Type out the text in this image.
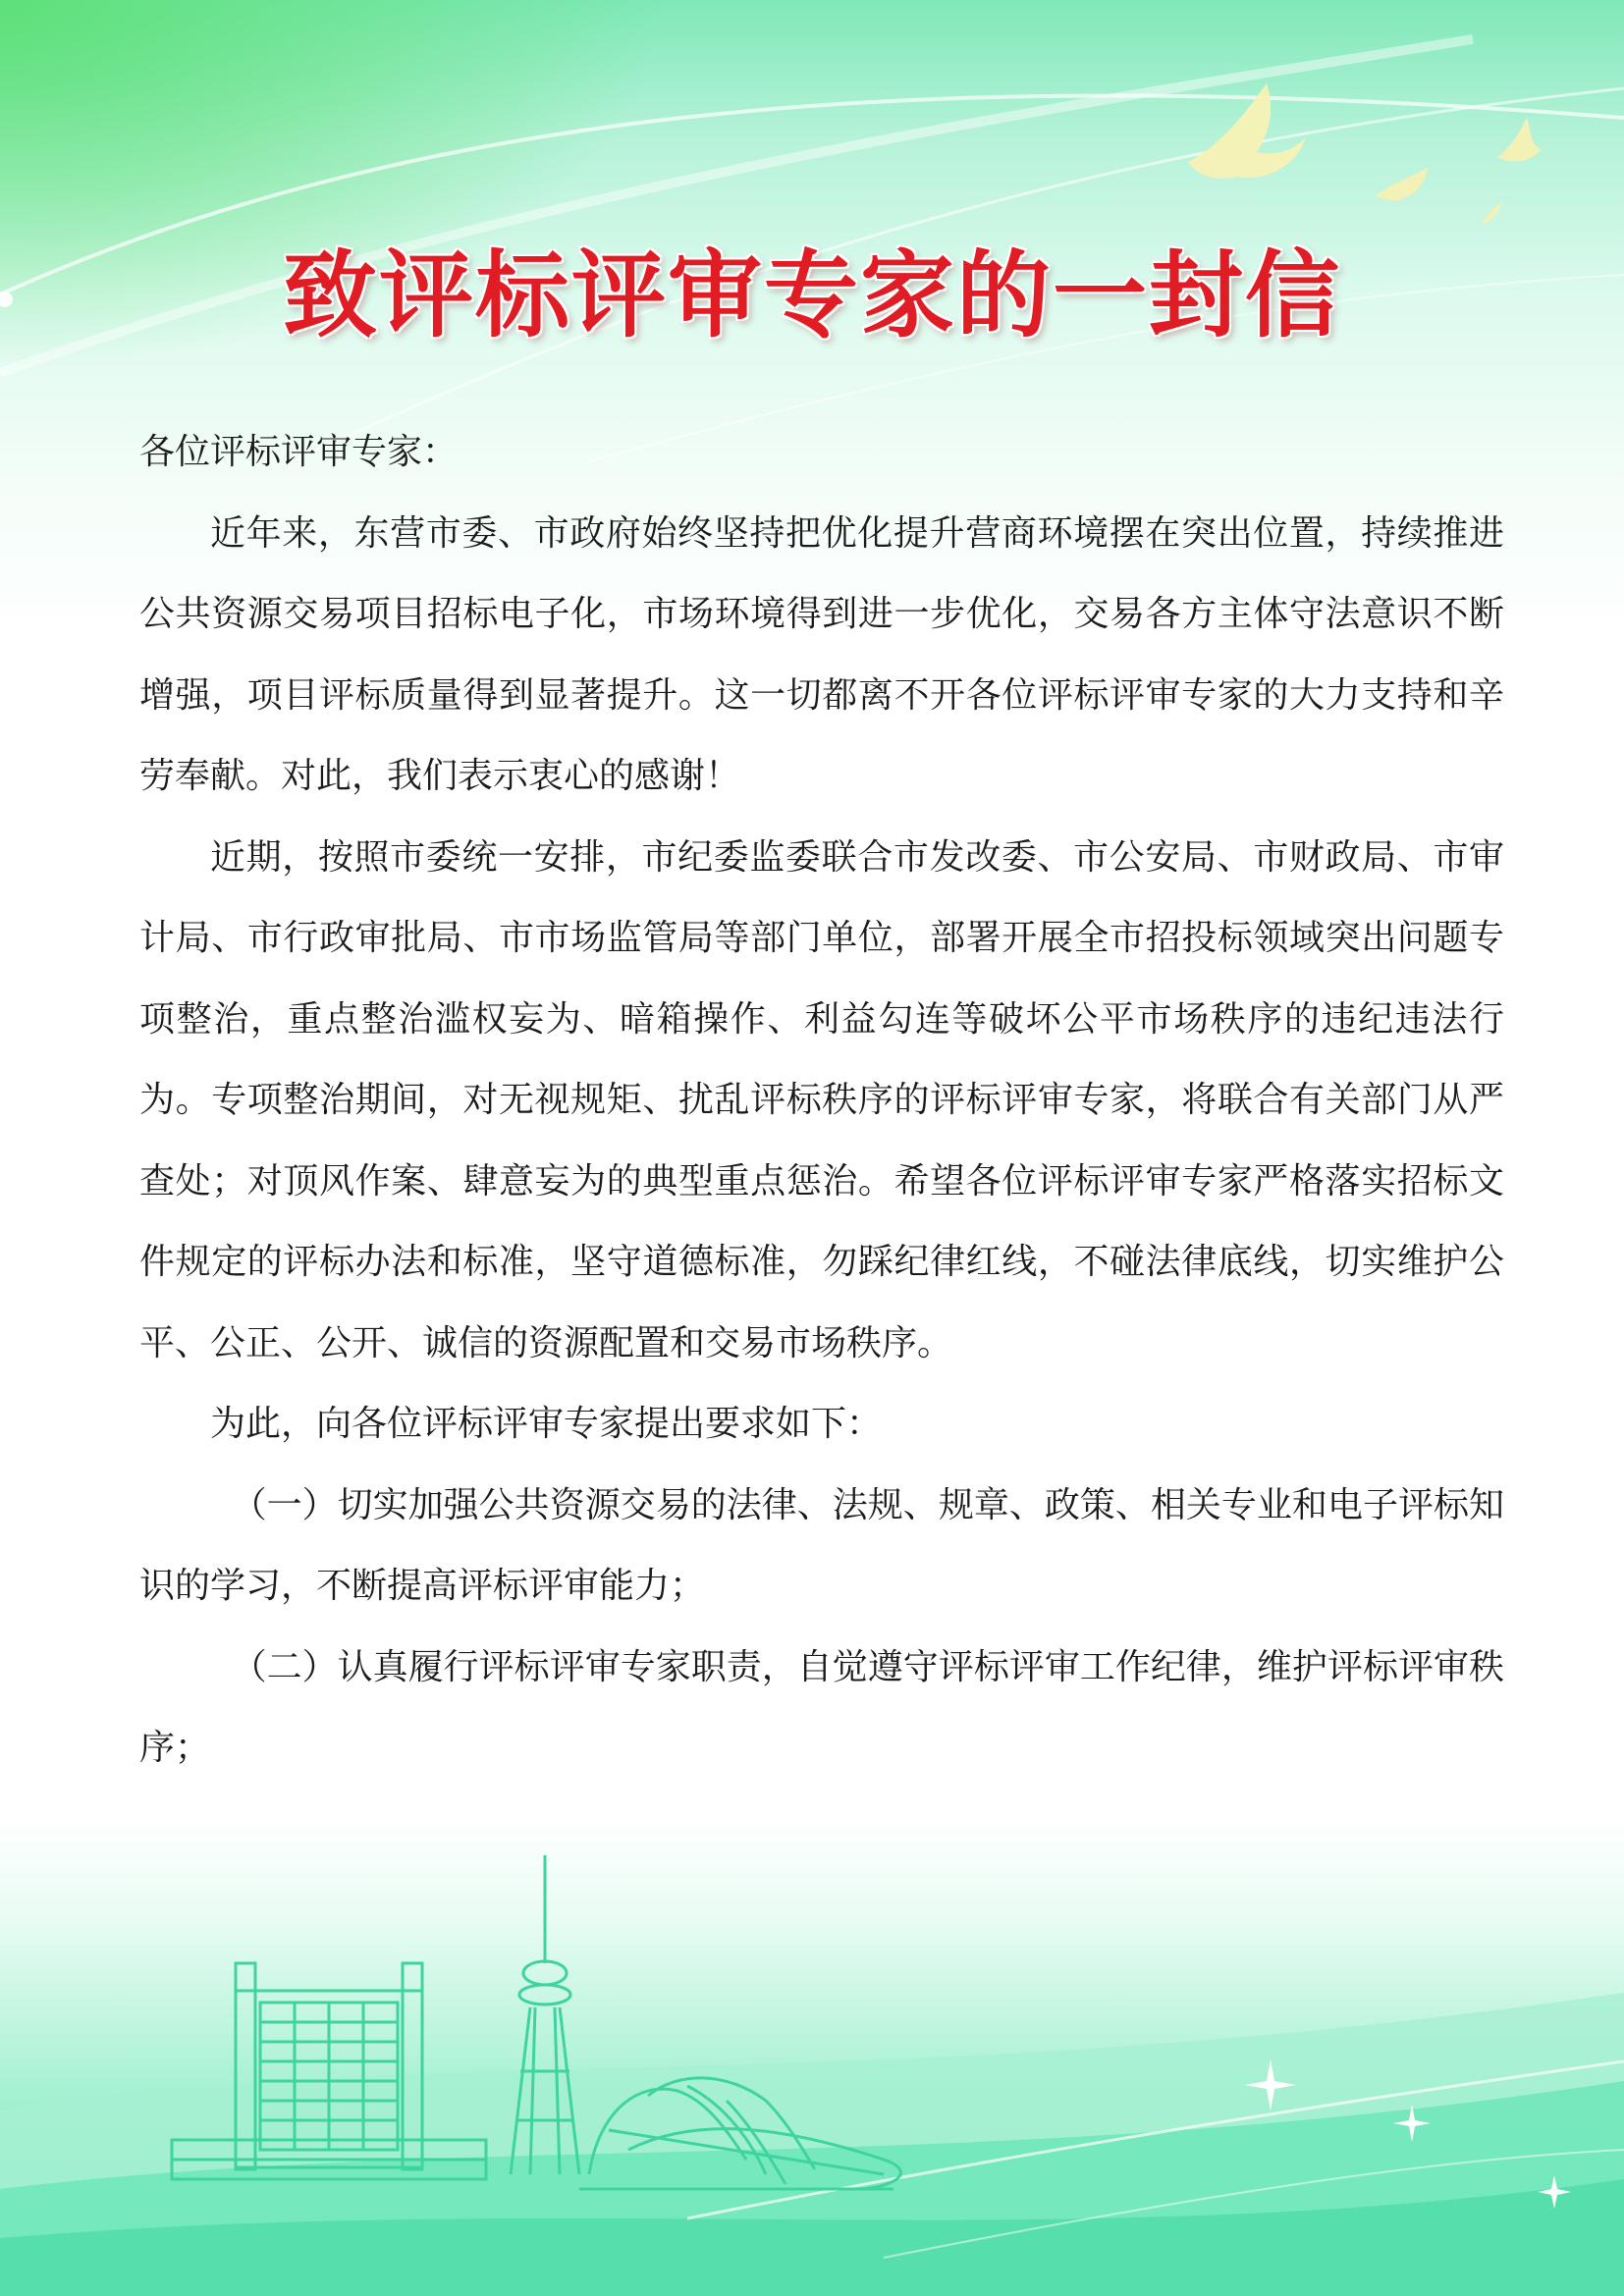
致评标评审专家的一封信

各位评标评审专家：

近年来，东营市委、市政府始终坚持把优化提升营商环境摆在突出位置，持续推进公共资源交易项目招标电子化，市场环境得到进一步优化，交易各方主体守法意识不断增强，项目评标质量得到显著提升。这一切都离不开各位评标评审专家的大力支持和辛劳奉献。对此，我们表示衷心的感谢！

近期，按照市委统一安排，市纪委监委联合市发改委、市公安局、市财政局、市审计局、市行政审批局、市市场监管局等部门单位，部署开展全市招投标领域突出问题专项整治，重点整治滥权妄为、暗箱操作、利益勾连等破坏公平市场秩序的违纪违法行为。专项整治期间，对无视规矩、扰乱评标秩序的评标评审专家，将联合有关部门从严查处；对顶风作案、肆意妄为的典型重点惩治。希望各位评标评审专家严格落实招标文件规定的评标办法和标准，坚守道德标准，勿踩纪律红线，不碰法律底线，切实维护公平、公正、公开、诚信的资源配置和交易市场秩序。

为此，向各位评标评审专家提出要求如下：

（一）切实加强公共资源交易的法律、法规、规章、政策、相关专业和电子评标知识的学习，不断提高评标评审能力；

（二）认真履行评标评审专家职责，自觉遵守评标评审工作纪律，维护评标评审秩序；
